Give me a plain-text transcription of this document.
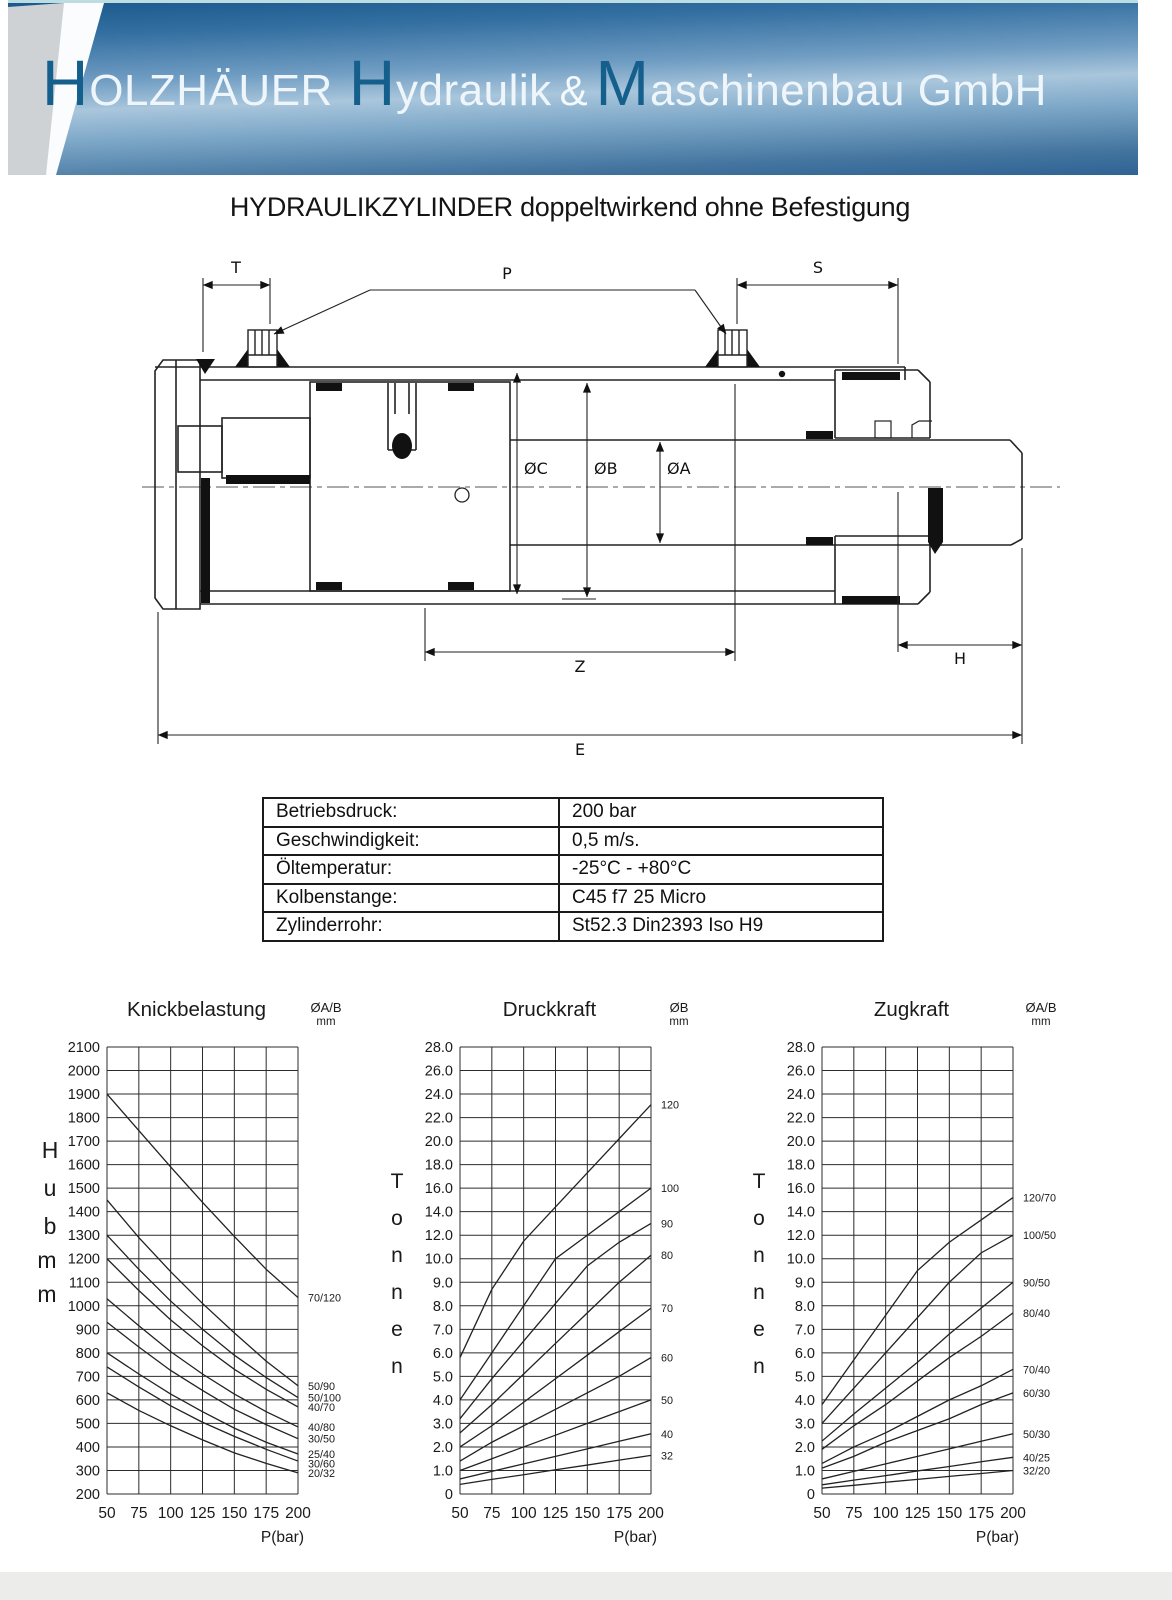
H OLZHÄUER H ydraulik & M aschinenbau GmbH
HYDRAULIKZYLINDER doppeltwirkend ohne Befestigung
T	P	S
ØC	ØB	ØA
Z	H
E
Betriebsdruck:	200 bar
Geschwindigkeit:	0,5 m/s.
Öltemperatur:	-25°C - +80°C
Kolbenstange:	C45 f7 25 Micro
Zylinderrohr:	St52.3 Din2393 Iso H9
2100
2000
1900
1800
1700
1600
1500
1400
1300
1200
1100
1000
900
800
700
600
500
400
300
200
50 75 100 125 150 175 200
P(bar)
Knickbelastung	ØA/B
mm
70/120
50/90
50/100
40/70
40/80
30/50
25/40
30/60
20/32
H
u
b
m
m
28.0
26.0
24.0
22.0
20.0
18.0
16.0
14.0
12.0
10.0
9.0
8.0
7.0
6.0
5.0
4.0
3.0
2.0
1.0
0
50 75 100 125 150 175 200
P(bar)
Druckkraft	ØB
mm
120
100
90
80
70
60
50
40
32
T
o
n
n
e
n
28.0
26.0
24.0
22.0
20.0
18.0
16.0
14.0
12.0
10.0
9.0
8.0
7.0
6.0
5.0
4.0
3.0
2.0
1.0
0
50 75 100 125 150 175 200
P(bar)
Zugkraft	ØA/B
mm
120/70
100/50
90/50
80/40
70/40
60/30
50/30
40/25
32/20
T
o
n
n
e
n
